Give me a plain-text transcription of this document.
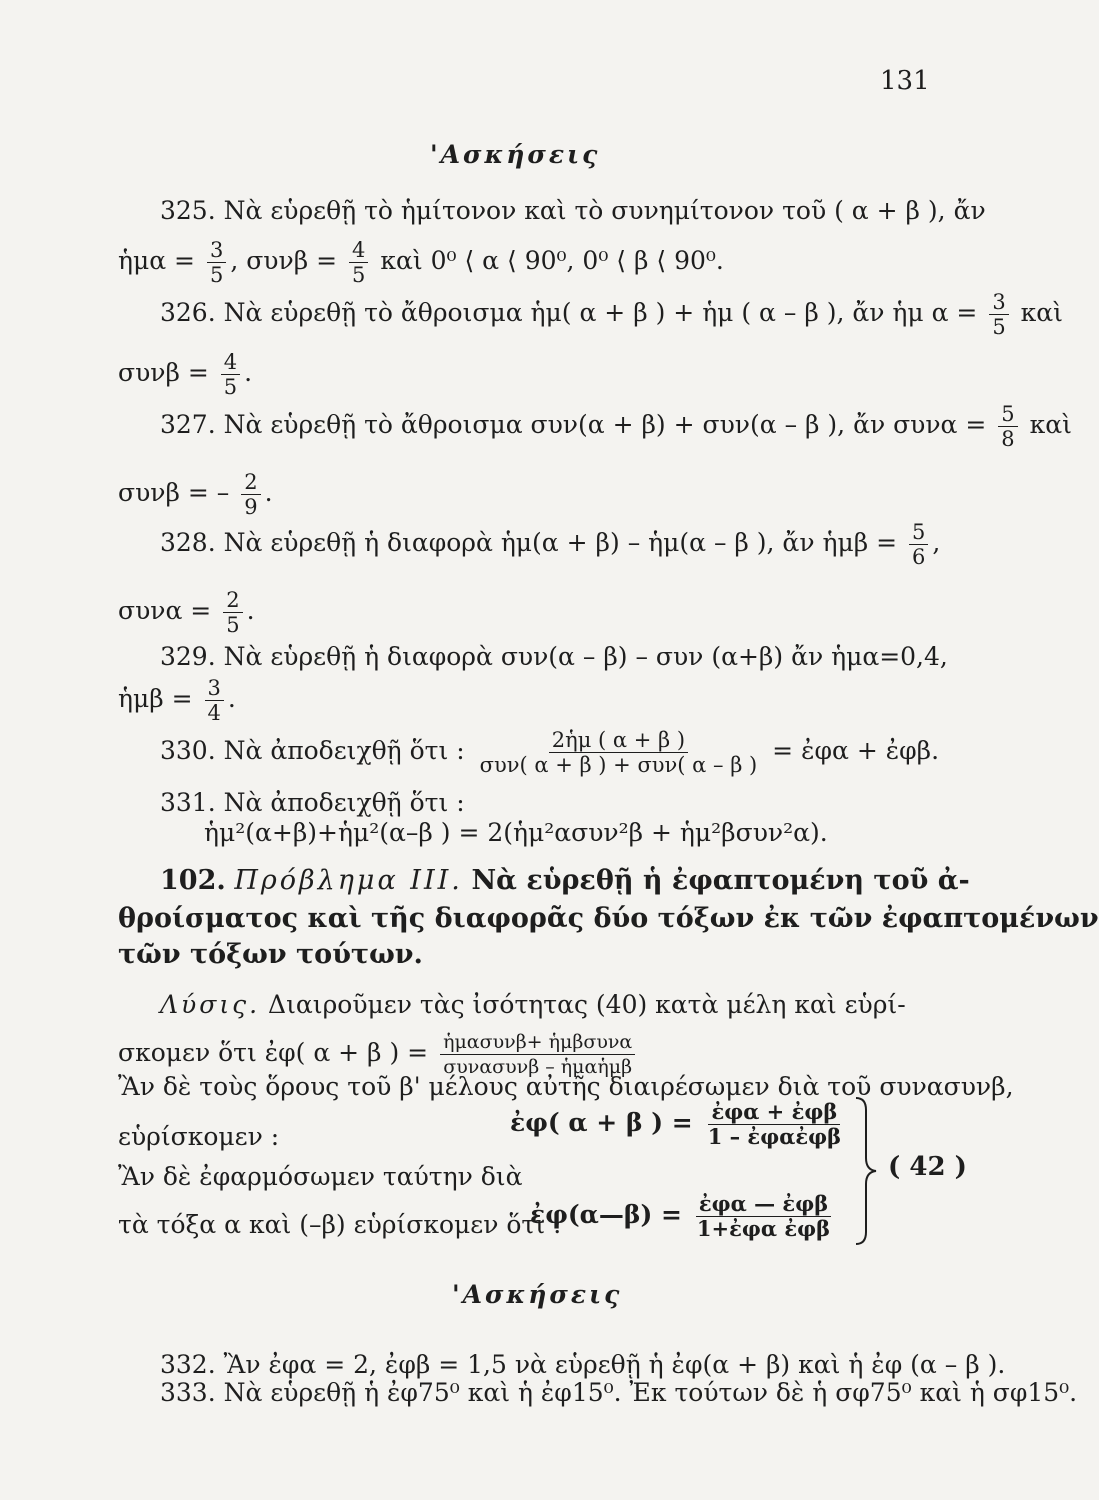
131
'Ασκήσεις
325. Νὰ εὑρεθῇ τὸ ἡμίτονον καὶ τὸ συνημίτονον τοῦ ( α + β ), ἄν
ἡμα = $\frac{3}{5}$ , $\sigma\upsilon\nu\beta = \frac{4}{5}$ καὶ 0⁰ ⟨ α ⟨ 90⁰, 0⁰ ⟨ β ⟨ 90⁰.
326. Νὰ εὑρεθῇ τὸ ἄθροισμα ἡμ( α + β ) + ἡμ ( α – β ), ἄν ἡμ $\alpha = \frac{3}{5}$ καὶ
$\sigma\upsilon\nu\beta = \frac{4}{5}$ .
327. Νὰ εὑρεθῇ τὸ ἄθροισμα συν(α + β) + συν(α – β ), ἄν $\sigma\upsilon\nu\alpha = \frac{5}{8}$ καὶ
συνβ = – $\frac{2}{9}$ .
328. Νὰ εὑρεθῇ ἡ διαφορὰ ἡμ(α + β) – ἡμ(α – β ), ἄν ἡμβ = $\frac{5}{6}$ ,
$\sigma\upsilon\nu\alpha = \frac{2}{5}$ .
329. Νὰ εὑρεθῇ ἡ διαφορὰ συν(α – β) – συν (α+β) ἄν ἡμα=0,4,
ἡμβ = $\frac{3}{4}$ .
330. Νὰ ἀποδειχθῇ ὅτι : $\frac{\text{2ἡμ ( α + β )}}{\text{συν( α + β ) + συν( α – β )}}$ = ἐφα + ἐφβ.
331. Νὰ ἀποδειχθῇ ὅτι :
ἡμ²(α+β)+ἡμ²(α–β ) = 2(ἡμ²ασυν²β + ἡμ²βσυν²α).
102. Πρόβλημα III. Νὰ εὑρεθῇ ἡ ἐφαπτομένη τοῦ ἀ-
θροίσματος καὶ τῆς διαφορᾶς δύο τόξων ἐκ τῶν ἐφαπτομένων
τῶν τόξων τούτων.
Λύσις. Διαιροῦμεν τὰς ἰσότητας (40) κατὰ μέλη καὶ εὑρί-
σκομεν ὅτι ἐφ( α + β ) = $\frac{\text{ἡμασυνβ+ ἡμβσυνα}}{\text{συνασυνβ – ἡμαἡμβ}}$
Ἂν δὲ τοὺς ὅρους τοῦ β' μέλους αὐτῆς διαιρέσωμεν διὰ τοῦ συνασυνβ,
εὑρίσκομεν :	ἐφ( α + β ) = $\frac{\text{ἐφα + ἐφβ}}{\text{1 – ἐφαἐφβ}}$
Ἂν δὲ ἐφαρμόσωμεν ταύτην διὰ
τὰ τόξα α καὶ (–β) εὑρίσκομεν ὅτι :
ἐφ(α—β) = $\frac{\text{ἐφα — ἐφβ}}{\text{1+ἐφα ἐφβ}}$
( 42 )
'Ασκήσεις
332. Ἂν ἐφα = 2, ἐφβ = 1,5 νὰ εὑρεθῇ ἡ ἐφ(α + β) καὶ ἡ ἐφ (α – β ).
333. Νὰ εὑρεθῇ ἡ ἐφ75⁰ καὶ ἡ ἐφ15⁰. Ἐκ τούτων δὲ ἡ σφ75⁰ καὶ ἡ σφ15⁰.
